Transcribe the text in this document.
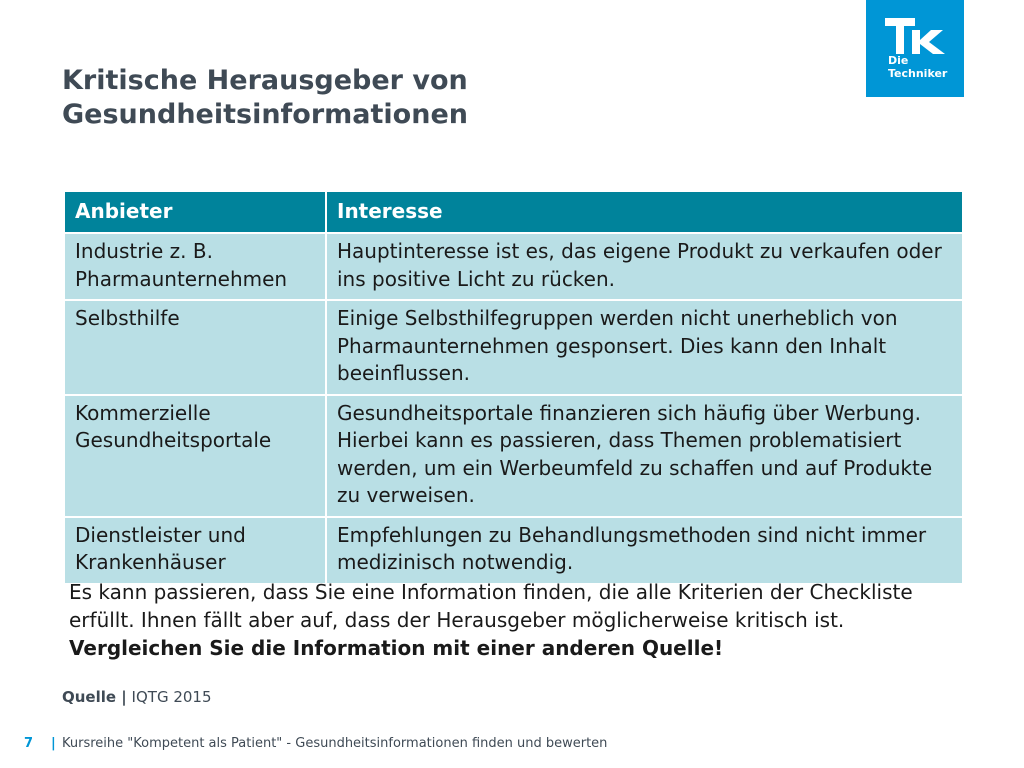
Kritische Herausgeber von
Gesundheitsinformationen
Die
Techniker
Anbieter	Interesse
Industrie z. B. Pharmaunternehmen	Hauptinteresse ist es, das eigene Produkt zu verkaufen oder ins positive Licht zu rücken.
Selbsthilfe	Einige Selbsthilfegruppen werden nicht unerheblich von Pharmaunternehmen gesponsert. Dies kann den Inhalt beeinflussen.
Kommerzielle Gesundheitsportale	Gesundheitsportale finanzieren sich häufig über Werbung. Hierbei kann es passieren, dass Themen problematisiert werden, um ein Werbeumfeld zu schaffen und auf Produkte zu verweisen.
Dienstleister und Krankenhäuser	Empfehlungen zu Behandlungsmethoden sind nicht immer medizinisch notwendig.

Es kann passieren, dass Sie eine Information finden, die alle Kriterien der Checkliste erfüllt. Ihnen fällt aber auf, dass der Herausgeber möglicherweise kritisch ist. Vergleichen Sie die Information mit einer anderen Quelle!

Quelle | IQTG 2015
7 | Kursreihe "Kompetent als Patient" - Gesundheitsinformationen finden und bewerten
